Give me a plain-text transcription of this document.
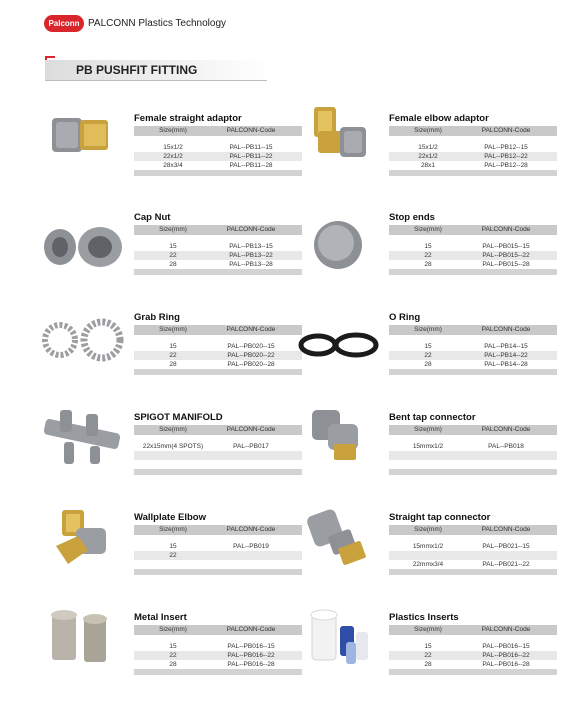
Palconn PALCONN Plastics Technology
PB PUSHFIT FITTING
Female straight adaptor
Size(mm)	PALCONN-Code
15x1/2	PAL--PB11--15
22x1/2	PAL--PB11--22
28x3/4	PAL--PB11--28
Female elbow adaptor
Size(mm)	PALCONN-Code
15x1/2	PAL--PB12--15
22x1/2	PAL--PB12--22
28x1	PAL--PB12--28
Cap Nut
Size(mm)	PALCONN-Code
15	PAL--PB13--15
22	PAL--PB13--22
28	PAL--PB13--28
Stop ends
Size(mm)	PALCONN-Code
15	PAL--PB015--15
22	PAL--PB015--22
28	PAL--PB015--28
Grab Ring
Size(mm)	PALCONN-Code
15	PAL--PB020--15
22	PAL--PB020--22
28	PAL--PB020--28
O Ring
Size(mm)	PALCONN-Code
15	PAL--PB14--15
22	PAL--PB14--22
28	PAL--PB14--28
SPIGOT MANIFOLD
Size(mm)	PALCONN-Code
22x15mm(4 SPOTS)	PAL--PB017
Bent tap connector
Size(mm)	PALCONN-Code
15mmx1/2	PAL--PB018
Wallplate Elbow
Size(mm)	PALCONN-Code
15	PAL--PB019
22
Straight tap connector
Size(mm)	PALCONN-Code
15mmx1/2	PAL--PB021--15
22mmx3/4	PAL--PB021--22
Metal Insert
Size(mm)	PALCONN-Code
15	PAL--PB016--15
22	PAL--PB016--22
28	PAL--PB016--28
Plastics Inserts
Size(mm)	PALCONN-Code
15	PAL--PB016--15
22	PAL--PB016--22
28	PAL--PB016--28
